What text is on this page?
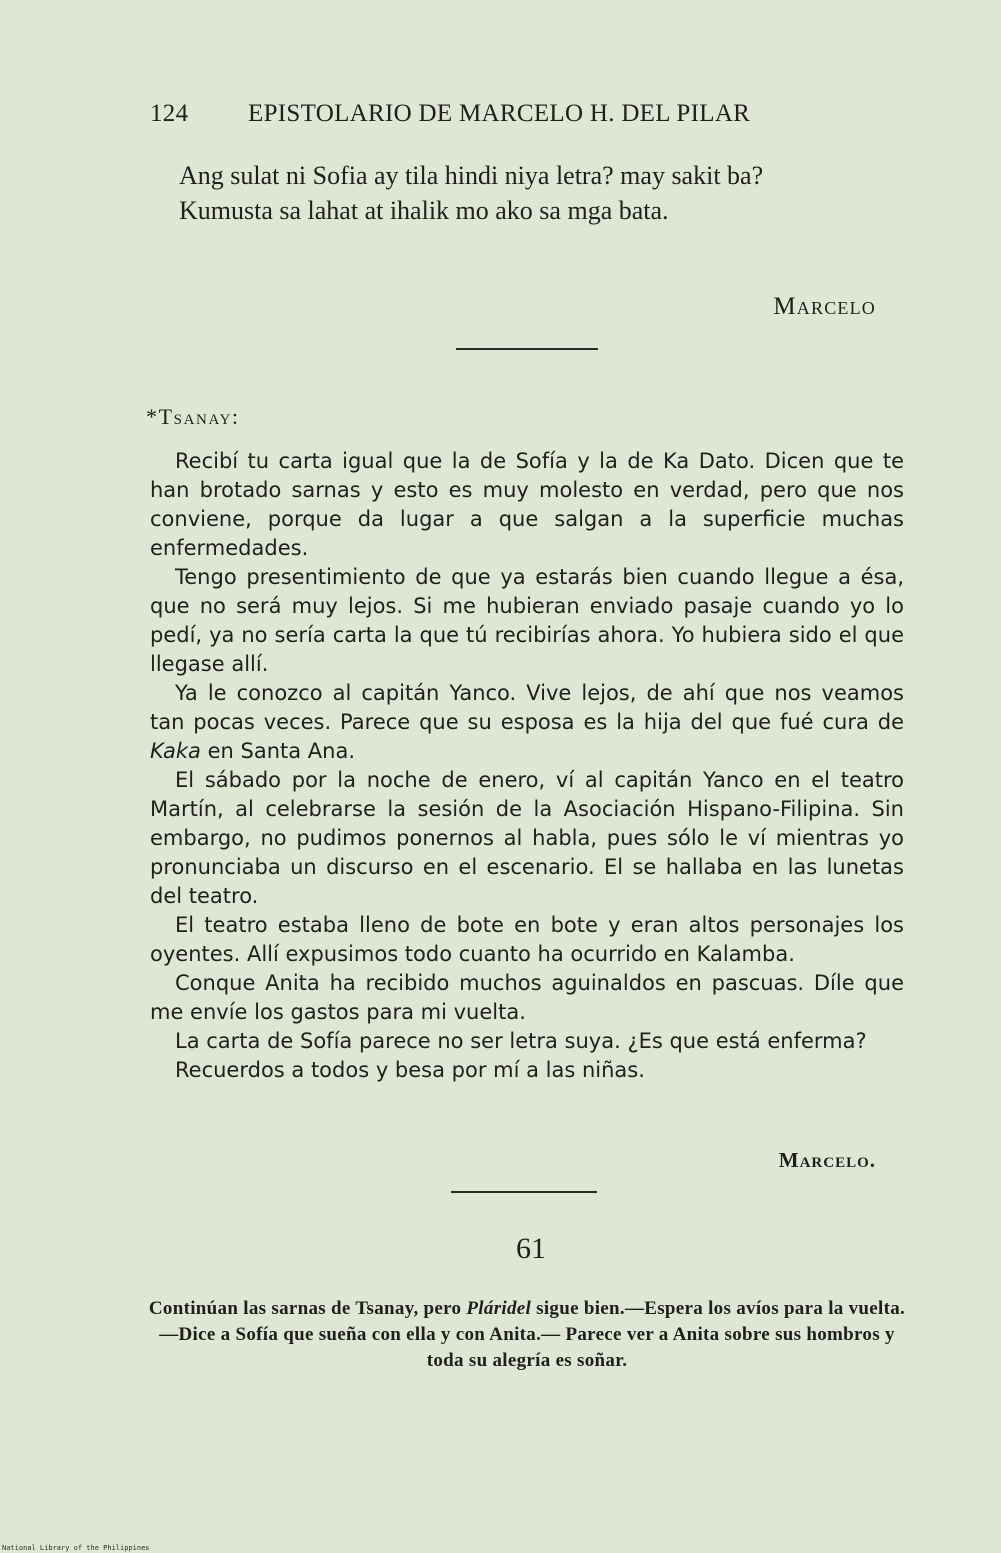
124 EPISTOLARIO DE MARCELO H. DEL PILAR

Ang sulat ni Sofia ay tila hindi niya letra? may sakit ba?

Kumusta sa lahat at ihalik mo ako sa mga bata.

Marcelo
*Tsanay:

Recibí tu carta igual que la de Sofía y la de Ka Dato. Dicen que te han brotado sarnas y esto es muy molesto en verdad, pero que nos conviene, porque da lugar a que salgan a la superficie muchas enfermedades.

Tengo presentimiento de que ya estarás bien cuando llegue a ésa, que no será muy lejos. Si me hubieran enviado pasaje cuando yo lo pedí, ya no sería carta la que tú recibirías ahora. Yo hubiera sido el que llegase allí.

Ya le conozco al capitán Yanco. Vive lejos, de ahí que nos veamos tan pocas veces. Parece que su esposa es la hija del que fué cura de Kaka en Santa Ana.

El sábado por la noche de enero, ví al capitán Yanco en el teatro Martín, al celebrarse la sesión de la Asociación Hispano-Filipina. Sin embargo, no pudimos ponernos al habla, pues sólo le ví mientras yo pronunciaba un discurso en el escenario. El se hallaba en las lunetas del teatro.

El teatro estaba lleno de bote en bote y eran altos personajes los oyentes. Allí expusimos todo cuanto ha ocurrido en Kalamba.

Conque Anita ha recibido muchos aguinaldos en pascuas. Díle que me envíe los gastos para mi vuelta.

La carta de Sofía parece no ser letra suya. ¿Es que está enferma?

Recuerdos a todos y besa por mí a las niñas.

Marcelo.
61
Continúan las sarnas de Tsanay, pero Pláridel sigue bien.—Espera los avíos para la vuelta.—Dice a Sofía que sueña con ella y con Anita.— Parece ver a Anita sobre sus hombros y toda su alegría es soñar.
National Library of the Philippines
